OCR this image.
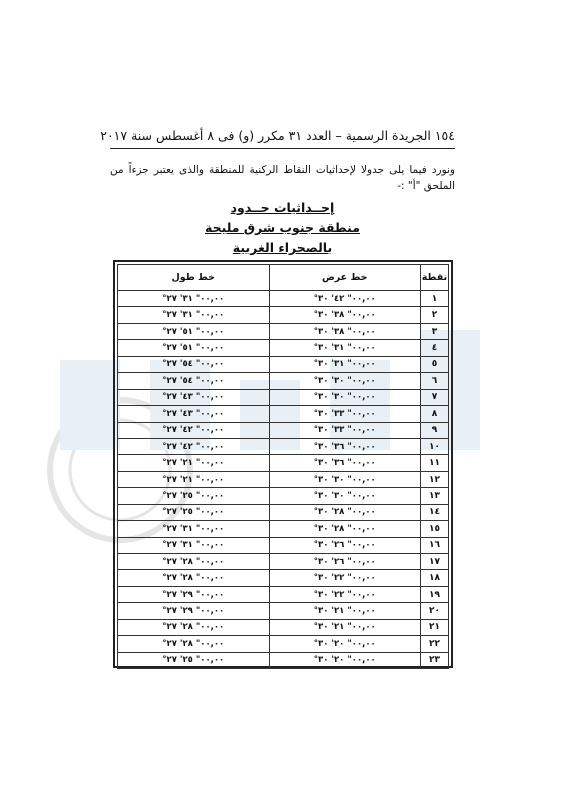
١٥٤ الجريدة الرسمية – العدد ٣١ مكرر (و) فى ٨ أغسطس سنة ٢٠١٧
ونورد فيما يلى جدولا لإحداثيات النقاط الركنية للمنطقة والذى يعتبر جزءاً من الملحق "أ" :-
إحــداثيات حــدود
منطقة جنوب شرق مليحة
بالصحراء الغربية
نقطة	خط عرض	خط طول
١	٠٠,٠٠" ٤٢' ٣٠°	٠٠,٠٠" ٣١' ٢٧°
٢	٠٠,٠٠" ٣٨' ٣٠°	٠٠,٠٠" ٣١' ٢٧°
٣	٠٠,٠٠" ٣٨' ٣٠°	٠٠,٠٠" ٥١' ٢٧°
٤	٠٠,٠٠" ٣١' ٣٠°	٠٠,٠٠" ٥١' ٢٧°
٥	٠٠,٠٠" ٣١' ٣٠°	٠٠,٠٠" ٥٤' ٢٧°
٦	٠٠,٠٠" ٣٠' ٣٠°	٠٠,٠٠" ٥٤' ٢٧°
٧	٠٠,٠٠" ٣٠' ٣٠°	٠٠,٠٠" ٤٣' ٢٧°
٨	٠٠,٠٠" ٣٣' ٣٠°	٠٠,٠٠" ٤٣' ٢٧°
٩	٠٠,٠٠" ٣٣' ٣٠°	٠٠,٠٠" ٤٢' ٢٧°
١٠	٠٠,٠٠" ٣٦' ٣٠°	٠٠,٠٠" ٤٢' ٢٧°
١١	٠٠,٠٠" ٣٦' ٣٠°	٠٠,٠٠" ٢١' ٢٧°
١٢	٠٠,٠٠" ٣٠' ٣٠°	٠٠,٠٠" ٢١' ٢٧°
١٣	٠٠,٠٠" ٣٠' ٣٠°	٠٠,٠٠" ٢٥' ٢٧°
١٤	٠٠,٠٠" ٢٨' ٣٠°	٠٠,٠٠" ٢٥' ٢٧°
١٥	٠٠,٠٠" ٢٨' ٣٠°	٠٠,٠٠" ٣١' ٢٧°
١٦	٠٠,٠٠" ٢٦' ٣٠°	٠٠,٠٠" ٣١' ٢٧°
١٧	٠٠,٠٠" ٢٦' ٣٠°	٠٠,٠٠" ٢٨' ٢٧°
١٨	٠٠,٠٠" ٢٢' ٣٠°	٠٠,٠٠" ٢٨' ٢٧°
١٩	٠٠,٠٠" ٢٢' ٣٠°	٠٠,٠٠" ٢٩' ٢٧°
٢٠	٠٠,٠٠" ٢١' ٣٠°	٠٠,٠٠" ٢٩' ٢٧°
٢١	٠٠,٠٠" ٢١' ٣٠°	٠٠,٠٠" ٢٨' ٢٧°
٢٢	٠٠,٠٠" ٢٠' ٣٠°	٠٠,٠٠" ٢٨' ٢٧°
٢٣	٠٠,٠٠" ٢٠' ٣٠°	٠٠,٠٠" ٢٥' ٢٧°
